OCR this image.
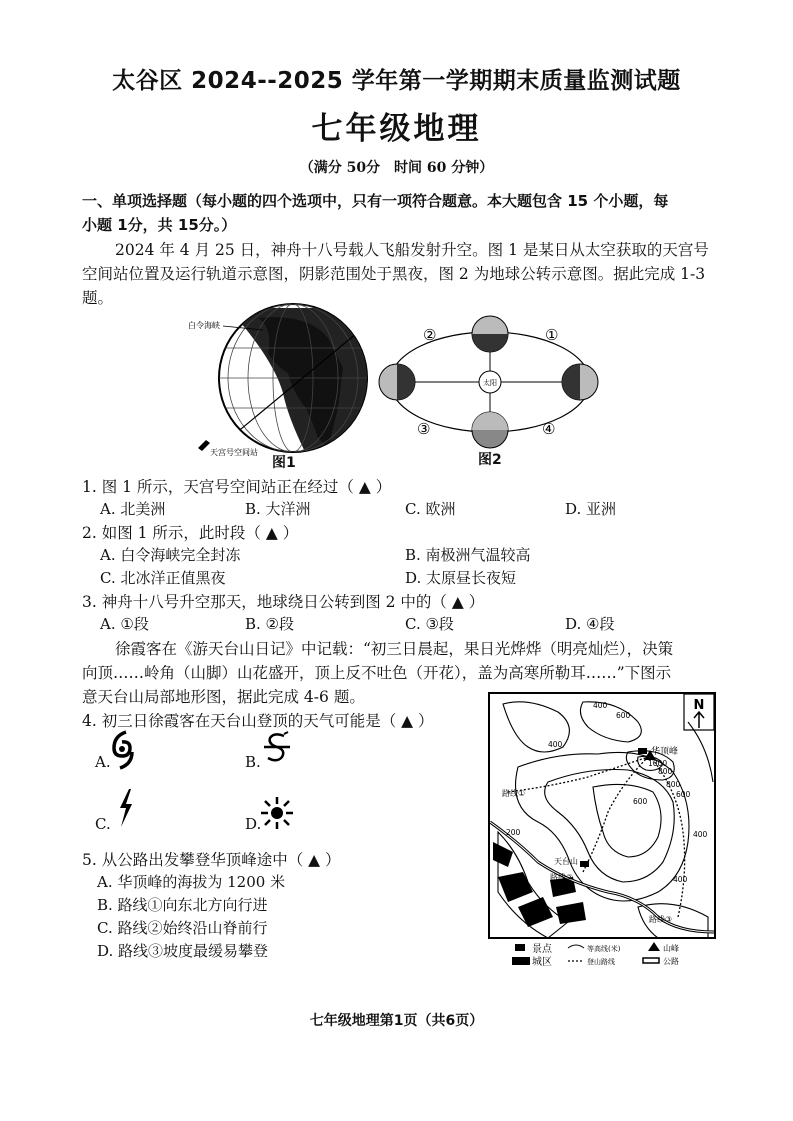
太谷区 2024--2025 学年第一学期期末质量监测试题
七年级地理
（满分 50分　时间 60 分钟）
一、单项选择题（每小题的四个选项中，只有一项符合题意。本大题包含 15 个小题，每
小题 1分，共 15分。）
2024 年 4 月 25 日，神舟十八号载人飞船发射升空。图 1 是某日从太空获取的天宫号
空间站位置及运行轨道示意图，阴影范围处于黑夜，图 2 为地球公转示意图。据此完成 1-3
题。
白令海峡
天宫号空间站
图1
太阳
②	①
③	④
图2
1. 图 1 所示，天宫号空间站正在经过（ ▲ ）
A. 北美洲	B. 大洋洲	C. 欧洲	D. 亚洲
2. 如图 1 所示，此时段（ ▲ ）
A. 白令海峡完全封冻	B. 南极洲气温较高
C. 北冰洋正值黑夜	D. 太原昼长夜短
3. 神舟十八号升空那天，地球绕日公转到图 2 中的（ ▲ ）
A. ①段	B. ②段	C. ③段	D. ④段
徐霞客在《游天台山日记》中记载：“初三日晨起，果日光烨烨（明亮灿烂），决策
向顶……岭角（山脚）山花盛开，顶上反不吐色（开花），盖为高寒所勒耳……”下图示
意天台山局部地形图，据此完成 4-6 题。
4. 初三日徐霞客在天台山登顶的天气可能是（ ▲ ）
A.	B.
C.	D.
5. 从公路出发攀登华顶峰途中（ ▲ ）
A. 华顶峰的海拔为 1200 米
B. 路线①向东北方向行进
C. 路线②始终沿山脊前行
D. 路线③坡度最缓易攀登
N
华顶峰
天台山
400
600
800
1000
800
600
400
200	400
600
400
路线①
路线②
路线③
景点	等高线(米)	山峰
城区	登山路线	公路
七年级地理第1页（共6页）
